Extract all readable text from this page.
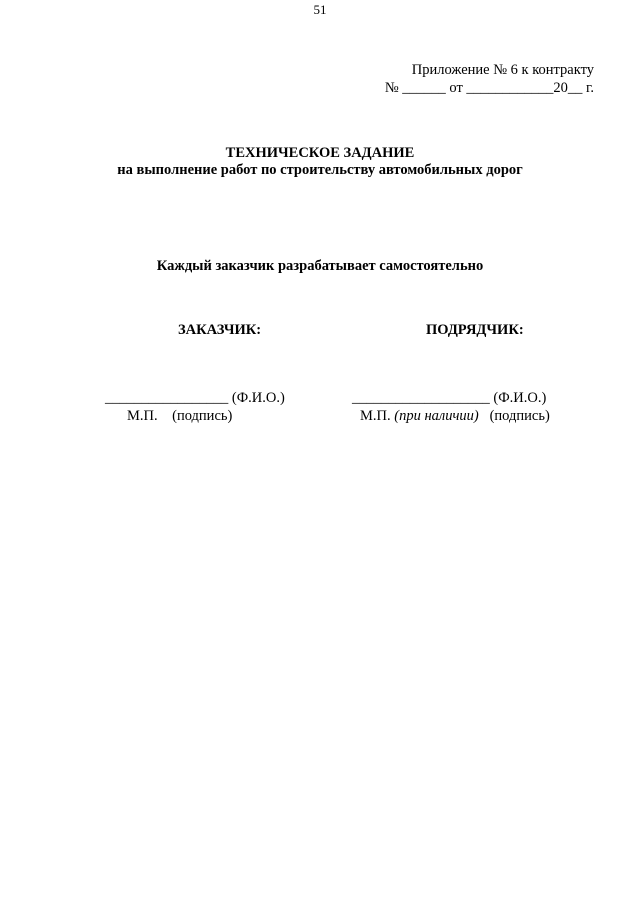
51
Приложение № 6 к контракту
№ ______ от ____________20__ г.
ТЕХНИЧЕСКОЕ ЗАДАНИЕ
на выполнение работ по строительству автомобильных дорог
Каждый заказчик разрабатывает самостоятельно
ЗАКАЗЧИК:	ПОДРЯДЧИК:
_________________ (Ф.И.О.)	___________________ (Ф.И.О.)
М.П. (подпись)	М.П. (при наличии) (подпись)
